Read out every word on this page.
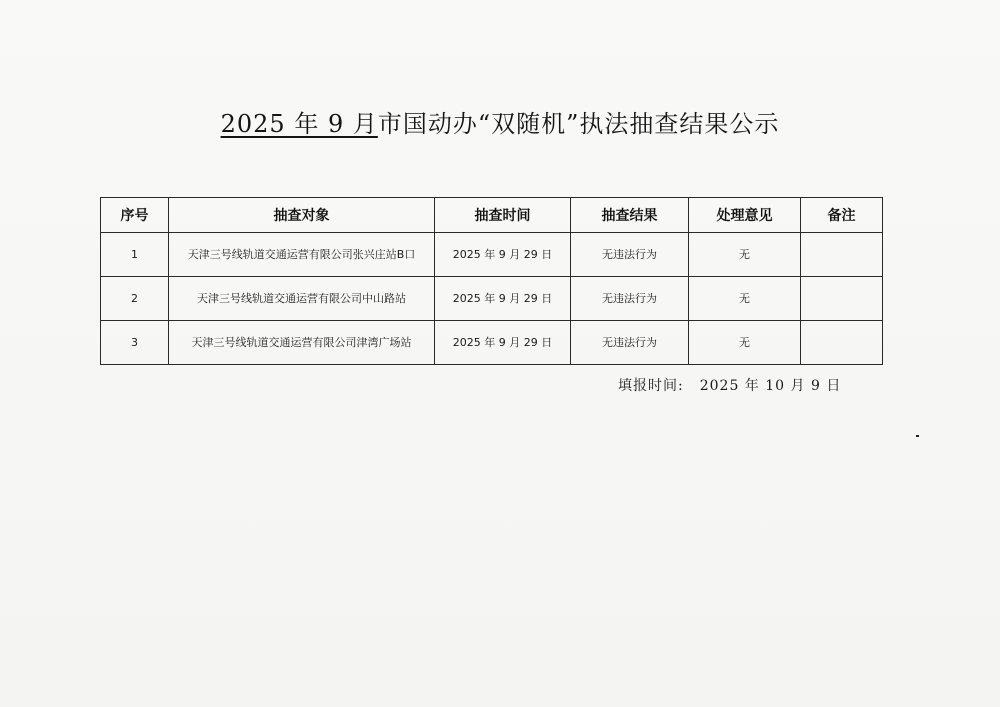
2025 年 9 月市国动办“双随机”执法抽查结果公示
序号	抽查对象	抽查时间	抽查结果	处理意见	备注
1	天津三号线轨道交通运营有限公司张兴庄站B口	2025 年 9 月 29 日	无违法行为	无	
2	天津三号线轨道交通运营有限公司中山路站	2025 年 9 月 29 日	无违法行为	无	
3	天津三号线轨道交通运营有限公司津湾广场站	2025 年 9 月 29 日	无违法行为	无	
填报时间: 2025 年 10 月 9 日
